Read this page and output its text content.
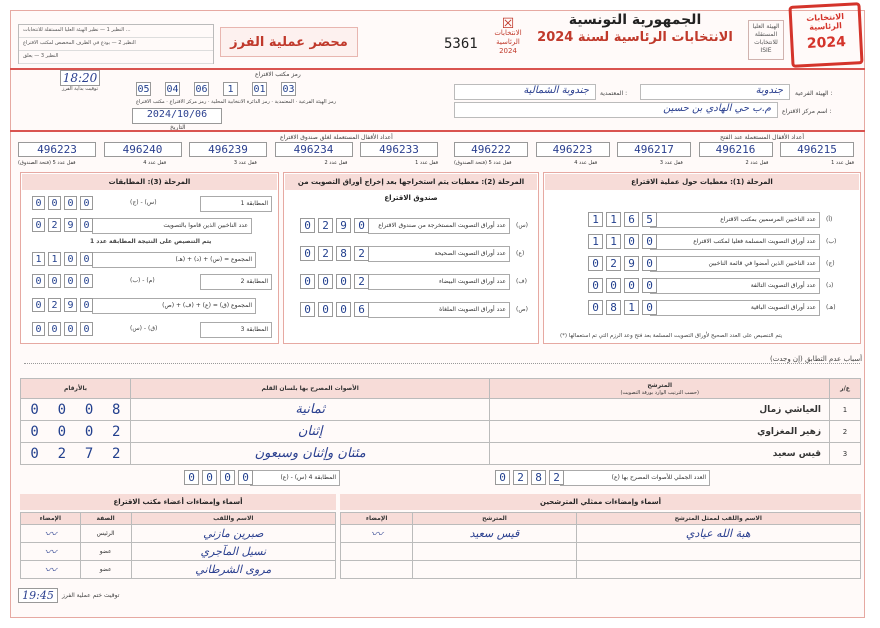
النظير 1 — نظير الهيئة العليا المستقلة للانتخابات ...
النظير 2 — يودع في الظرف المخصص لمكتب الاقتراع
النظير 3 — يعلق
محضر عملية الفرز	5361
☒
الانتخابات الرئاسية 2024
الجمهورية التونسية
الانتخابات الرئاسية لسنة 2024
الهيئة العليا المستقلة للانتخابات ISIE
الانتخابات الرئاسية
2024
18:20
توقيت بداية الفرز
رمز مكتب الاقتراع
05 04 06	1	01 03
رمز الهيئة الفرعية · المعتمدية · رمز الدائرة الانتخابية المحلية · رمز مركز الاقتراع · مكتب الاقتراع
2024/10/06
التاريخ
الهيئة الفرعية :
جندوبة
المعتمدية :
جندوبة الشمالية
اسم مركز الاقتراع :
م.ب حي الهادي بن حسين
أعداد الأقفال المستعملة لغلق صندوق الاقتراع	أعداد الأقفال المستعملة عند الفتح
496223	496240	496239	496234	496233
قفل عدد 5 (فتحة الصندوق)	قفل عدد 4	قفل عدد 3	قفل عدد 2	قفل عدد 1
496222	496223	496217	496216	496215
قفل عدد 5 (فتحة الصندوق)	قفل عدد 4	قفل عدد 3	قفل عدد 2	قفل عدد 1
المرحلة (1): معطيات حول عملية الاقتراع
المرحلة (2): معطيات يتم استخراجها بعد إخراج أوراق التصويت من صندوق الاقتراع
المرحلة (3): المطابقات
عدد الناخبين المرسمين بمكتب الاقتراع	(أ)
1	1	6	5
عدد أوراق التصويت المسلمة فعليا لمكتب الاقتراع	(ب)
1	1	0	0
عدد الناخبين الذين أمضوا في قائمة الناخبين	(ج)
0	2	9	0
عدد أوراق التصويت التالفة	(د)
0	0	0	0
عدد أوراق التصويت الباقية	(هـ)
0	8	1	0
(*) يتم التنصيص على العدد الصحيح لأوراق التصويت المسلمة بعد فتح وعد الرزم التي تم استعمالها
عدد أوراق التصويت المستخرجة من صندوق الاقتراع	(س)
0	2	9	0
عدد أوراق التصويت الصحيحة	(ع)
0	2	8	2
عدد أوراق التصويت البيضاء	(ف)
0	0	0	2
عدد أوراق التصويت الملغاة	(ص)
0	0	0	6
المطابقة 1
(ج) - (س)
0 0 0 0
عدد الناخبين الذين قاموا بالتصويت
0 2 9 0
يتم التنصيص على النتيجة المطابقة عدد 1
المجموع = (س) + (د) + (هـ)
1 1 0 0
المطابقة 2
(ب) - (م)
0 0 0 0
المجموع (ق) = (ع) + (ف) + (ص)
0 2 9 0
المطابقة 3
(س) - (ق)
0 0 0 0
أسباب عدم التطابق (إن وجدت)
بالأرقام	الأصوات المصرح بها بلسان القلم	المترشح
(حسب الترتيب الوارد بورقة التصويت)	ع/ر

0 0 0 8	ثمانية	العياشي زمال	1

0 0 0 2	إثنان	زهير المغزاوي	2

0 2 7 2	مئتان وإثنان وسبعون	قيس سعيد	3
العدد الجملي للأصوات المصرح بها (ع)
0	2	8	2
المطابقة 4 (س) - (ع)
0	0	0	0
أسماء وإمضاءات أعضاء مكتب الاقتراع	أسماء وإمضاءات ممثلي المترشحين
الإمضاء	الصفة	الاسم واللقب
〰	الرئيس	صبرين مازني
〰	عضو	نسيل المآجري
〰	عضو	مروى الشرطاني
الإمضاء	المترشح	الاسم واللقب لممثل المترشح
〰	قيس سعيد	هبة الله عيادي

19:45	توقيت ختم عملية الفرز
